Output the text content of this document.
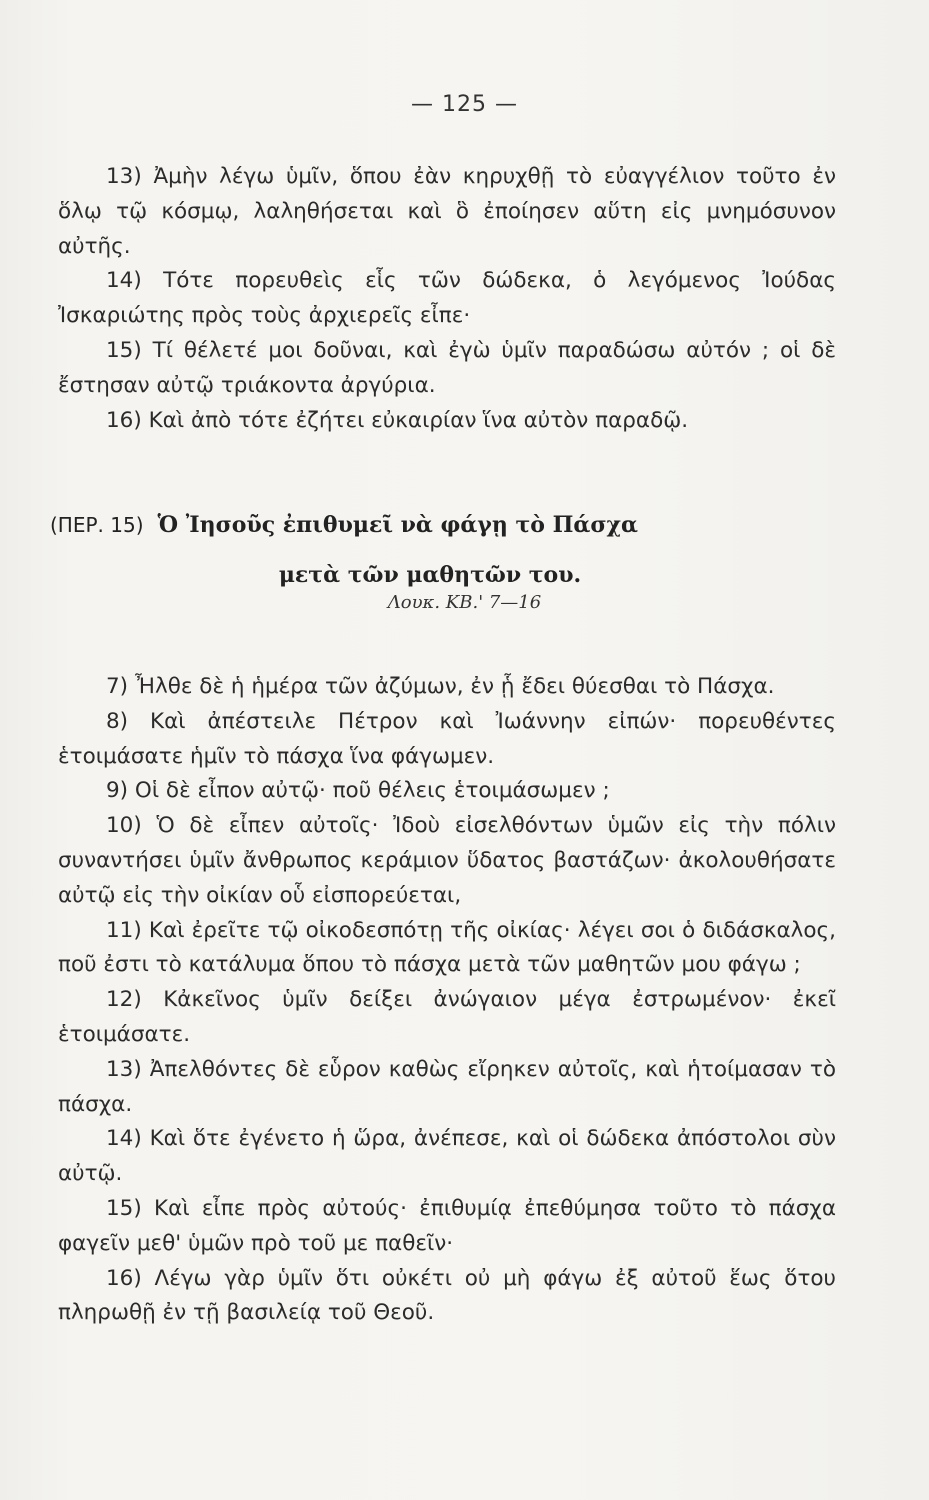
— 125 —

13) Ἀμὴν λέγω ὑμῖν, ὅπου ἐὰν κηρυχθῇ τὸ εὐαγγέλιον τοῦτο ἐν ὅλῳ τῷ κόσμῳ, λαληθήσεται καὶ ὃ ἐποίησεν αὕτη εἰς μνημόσυνον αὐτῆς.

14) Τότε πορευθεὶς εἷς τῶν δώδεκα, ὁ λεγόμενος Ἰούδας Ἰσκαριώτης πρὸς τοὺς ἀρχιερεῖς εἶπε·

15) Τί θέλετέ μοι δοῦναι, καὶ ἐγὼ ὑμῖν παραδώσω αὐτόν ; οἱ δὲ ἔστησαν αὐτῷ τριάκοντα ἀργύρια.

16) Καὶ ἀπὸ τότε ἐζήτει εὐκαιρίαν ἵνα αὐτὸν παραδῷ.

(ΠΕΡ. 15) Ὁ Ἰησοῦς ἐπιθυμεῖ νὰ φάγῃ τὸ Πάσχα
μετὰ τῶν μαθητῶν του.
Λουκ. ΚΒ.' 7—16

7) Ἦλθε δὲ ἡ ἡμέρα τῶν ἀζύμων, ἐν ᾗ ἔδει θύεσθαι τὸ Πάσχα.

8) Καὶ ἀπέστειλε Πέτρον καὶ Ἰωάννην εἰπών· πορευθέντες ἑτοιμάσατε ἡμῖν τὸ πάσχα ἵνα φάγωμεν.

9) Οἱ δὲ εἶπον αὐτῷ· ποῦ θέλεις ἑτοιμάσωμεν ;

10) Ὁ δὲ εἶπεν αὐτοῖς· Ἰδοὺ εἰσελθόντων ὑμῶν εἰς τὴν πόλιν συναντήσει ὑμῖν ἄνθρωπος κεράμιον ὕδατος βαστάζων· ἀκολουθήσατε αὐτῷ εἰς τὴν οἰκίαν οὗ εἰσπορεύεται,

11) Καὶ ἐρεῖτε τῷ οἰκοδεσπότῃ τῆς οἰκίας· λέγει σοι ὁ διδάσκαλος, ποῦ ἐστι τὸ κατάλυμα ὅπου τὸ πάσχα μετὰ τῶν μαθητῶν μου φάγω ;

12) Κἀκεῖνος ὑμῖν δείξει ἀνώγαιον μέγα ἐστρωμένον· ἐκεῖ ἑτοιμάσατε.

13) Ἀπελθόντες δὲ εὗρον καθὼς εἴρηκεν αὐτοῖς, καὶ ἡτοίμασαν τὸ πάσχα.

14) Καὶ ὅτε ἐγένετο ἡ ὥρα, ἀνέπεσε, καὶ οἱ δώδεκα ἀπόστολοι σὺν αὐτῷ.

15) Καὶ εἶπε πρὸς αὐτούς· ἐπιθυμίᾳ ἐπεθύμησα τοῦτο τὸ πάσχα φαγεῖν μεθ' ὑμῶν πρὸ τοῦ με παθεῖν·

16) Λέγω γὰρ ὑμῖν ὅτι οὐκέτι οὐ μὴ φάγω ἐξ αὐτοῦ ἕως ὅτου πληρωθῇ ἐν τῇ βασιλείᾳ τοῦ Θεοῦ.
